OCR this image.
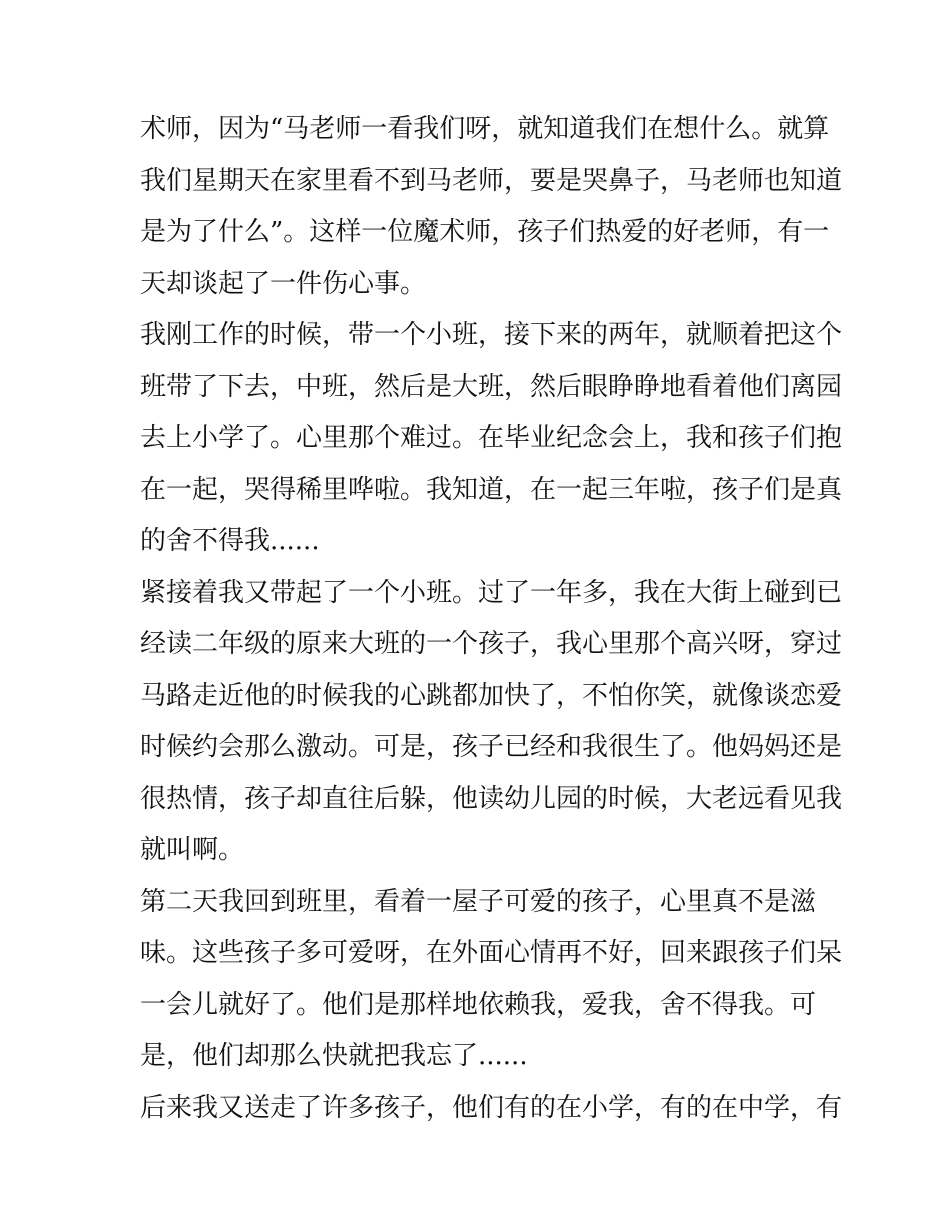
术师，因为“马老师一看我们呀，就知道我们在想什么。就算
我们星期天在家里看不到马老师，要是哭鼻子，马老师也知道
是为了什么”。这样一位魔术师，孩子们热爱的好老师，有一
天却谈起了一件伤心事。
我刚工作的时候，带一个小班，接下来的两年，就顺着把这个
班带了下去，中班，然后是大班，然后眼睁睁地看着他们离园
去上小学了。心里那个难过。在毕业纪念会上，我和孩子们抱
在一起，哭得稀里哗啦。我知道，在一起三年啦，孩子们是真
的舍不得我......
紧接着我又带起了一个小班。过了一年多，我在大街上碰到已
经读二年级的原来大班的一个孩子，我心里那个高兴呀，穿过
马路走近他的时候我的心跳都加快了，不怕你笑，就像谈恋爱
时候约会那么激动。可是，孩子已经和我很生了。他妈妈还是
很热情，孩子却直往后躲，他读幼儿园的时候，大老远看见我
就叫啊。
第二天我回到班里，看着一屋子可爱的孩子，心里真不是滋
味。这些孩子多可爱呀，在外面心情再不好，回来跟孩子们呆
一会儿就好了。他们是那样地依赖我，爱我，舍不得我。可
是，他们却那么快就把我忘了......
后来我又送走了许多孩子，他们有的在小学，有的在中学，有
